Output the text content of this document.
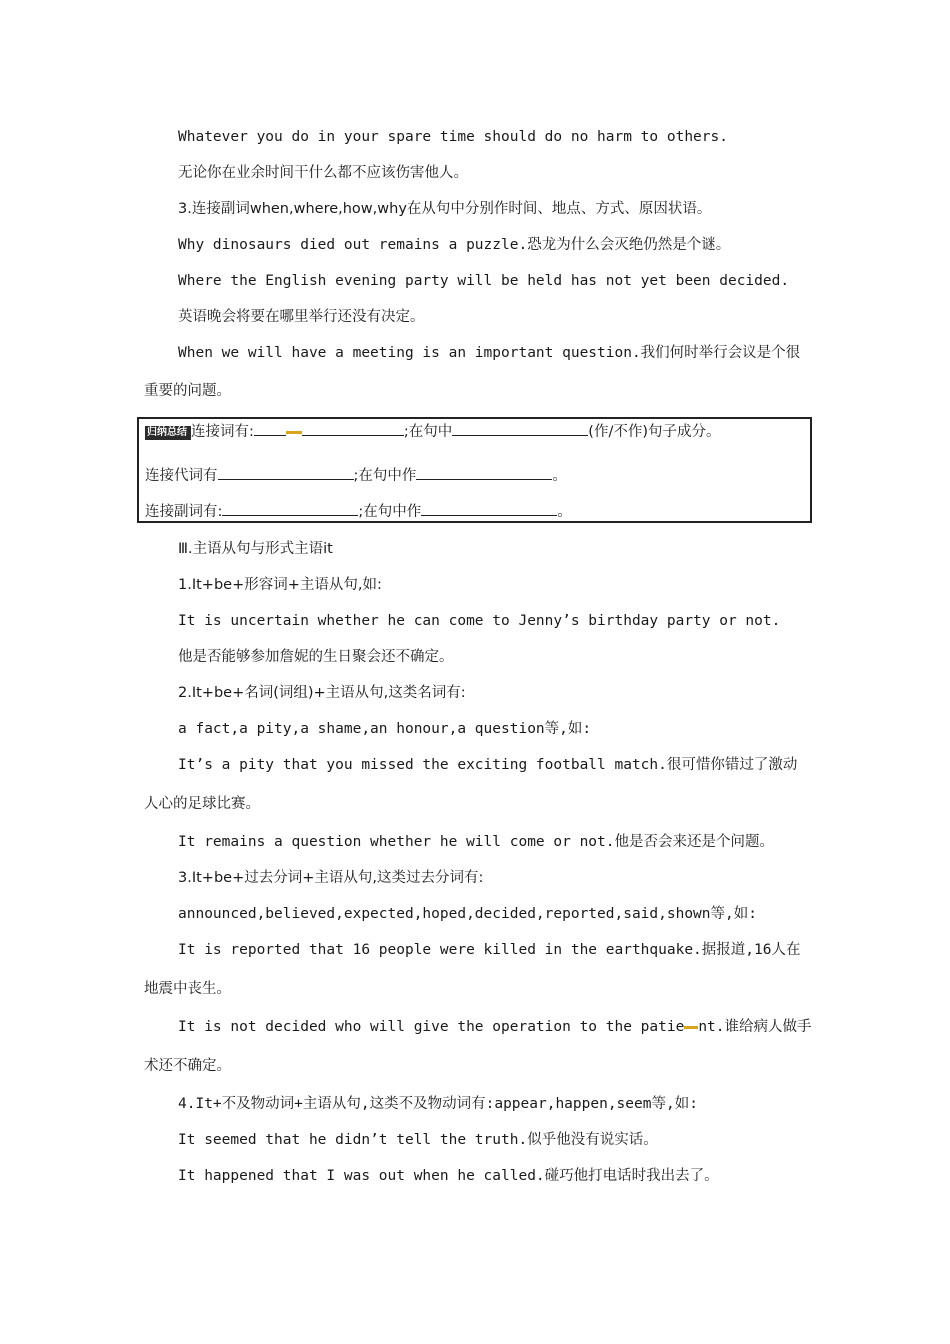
Whatever you do in your spare time should do no harm to others.
无论你在业余时间干什么都不应该伤害他人。
3.连接副词when,where,how,why在从句中分别作时间、地点、方式、原因状语。
Why dinosaurs died out remains a puzzle.恐龙为什么会灭绝仍然是个谜。
Where the English evening party will be held has not yet been decided.
英语晚会将要在哪里举行还没有决定。
When we will have a meeting is an important question.我们何时举行会议是个很
重要的问题。
归纳总结 连接词有:	;在句中	(作/不作)句子成分。
连接代词有	;在句中作	。
连接副词有:	;在句中作	。
Ⅲ.主语从句与形式主语it
1.It+be+形容词+主语从句,如:
It is uncertain whether he can come to Jenny’s birthday party or not.
他是否能够参加詹妮的生日聚会还不确定。
2.It+be+名词(词组)+主语从句,这类名词有:
a fact,a pity,a shame,an honour,a question等,如:
It’s a pity that you missed the exciting football match.很可惜你错过了激动
人心的足球比赛。
It remains a question whether he will come or not.他是否会来还是个问题。
3.It+be+过去分词+主语从句,这类过去分词有:
announced,believed,expected,hoped,decided,reported,said,shown等,如:
It is reported that 16 people were killed in the earthquake.据报道,16人在
地震中丧生。
It is not decided who will give the operation to the patie nt.谁给病人做手
术还不确定。
4.It+不及物动词+主语从句,这类不及物动词有:appear,happen,seem等,如:
It seemed that he didn’t tell the truth.似乎他没有说实话。
It happened that I was out when he called.碰巧他打电话时我出去了。
